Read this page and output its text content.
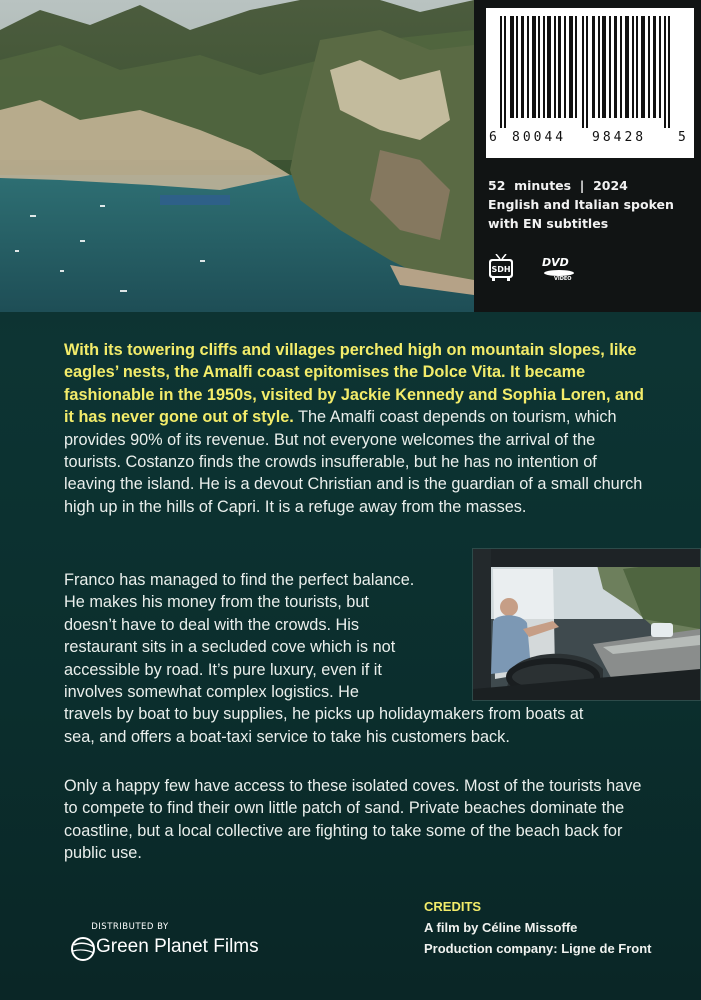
6 80044 98428 5
52  minutes  |  2024
English and Italian spoken
with EN subtitles
SDH
DVD
VIDEO

With its towering cliffs and villages perched high on mountain slopes, like eagles’ nests, the Amalfi coast epitomises the Dolce Vita. It became fashionable in the 1950s, visited by Jackie Kennedy and Sophia Loren, and it has never gone out of style. The Amalfi coast depends on tourism, which provides 90% of its revenue. But not everyone welcomes the arrival of the tourists. Costanzo finds the crowds insufferable, but he has no intention of leaving the island. He is a devout Christian and is the guardian of a small church high up in the hills of Capri. It is a refuge away from the masses.

Franco has managed to find the perfect balance.
He makes his money from the tourists, but
doesn’t have to deal with the crowds. His
restaurant sits in a secluded cove which is not
accessible by road. It’s pure luxury, even if it
involves somewhat complex logistics. He
travels by boat to buy supplies, he picks up holidaymakers from boats at
sea, and offers a boat-taxi service to take his customers back.
Only a happy few have access to these isolated coves. Most of the tourists have to compete to find their own little patch of sand. Private beaches dominate the coastline, but a local collective are fighting to take some of the beach back for public use.
DISTRIBUTED BY
Green Planet Films
CREDITS
A film by Céline Missoffe
Production company: Ligne de Front
